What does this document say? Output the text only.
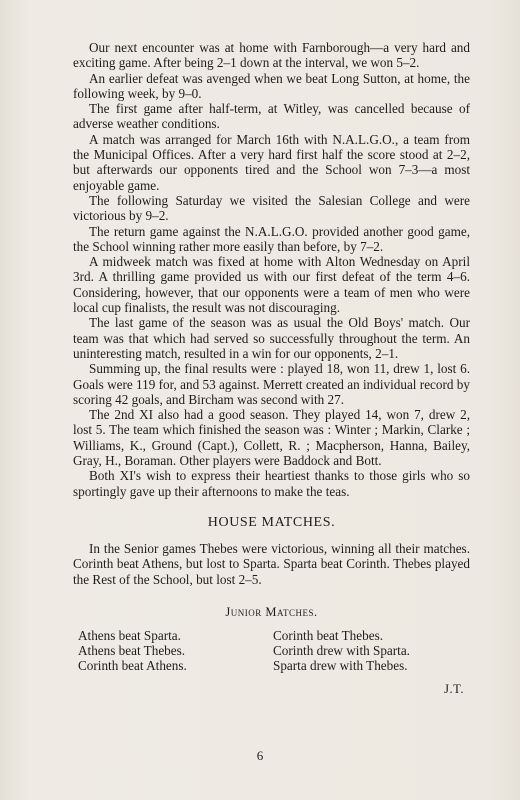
Our next encounter was at home with Farnborough—a very hard and exciting game. After being 2–1 down at the interval, we won 5–2.

An earlier defeat was avenged when we beat Long Sutton, at home, the following week, by 9–0.

The first game after half-term, at Witley, was cancelled because of adverse weather conditions.

A match was arranged for March 16th with N.A.L.G.O., a team from the Municipal Offices. After a very hard first half the score stood at 2–2, but afterwards our opponents tired and the School won 7–3—a most enjoyable game.

The following Saturday we visited the Salesian College and were victorious by 9–2.

The return game against the N.A.L.G.O. provided another good game, the School winning rather more easily than before, by 7–2.

A midweek match was fixed at home with Alton Wednesday on April 3rd. A thrilling game provided us with our first defeat of the term 4–6. Considering, however, that our opponents were a team of men who were local cup finalists, the result was not discouraging.

The last game of the season was as usual the Old Boys' match. Our team was that which had served so successfully throughout the term. An uninteresting match, resulted in a win for our opponents, 2–1.

Summing up, the final results were : played 18, won 11, drew 1, lost 6. Goals were 119 for, and 53 against. Merrett created an individual record by scoring 42 goals, and Bircham was second with 27.

The 2nd XI also had a good season. They played 14, won 7, drew 2, lost 5. The team which finished the season was : Winter ; Markin, Clarke ; Williams, K., Ground (Capt.), Collett, R. ; Macpherson, Hanna, Bailey, Gray, H., Boraman. Other players were Baddock and Bott.

Both XI's wish to express their heartiest thanks to those girls who so sportingly gave up their afternoons to make the teas.

HOUSE MATCHES.

In the Senior games Thebes were victorious, winning all their matches. Corinth beat Athens, but lost to Sparta. Sparta beat Corinth. Thebes played the Rest of the School, but lost 2–5.

Junior Matches.
Athens beat Sparta.	Corinth beat Thebes.
Athens beat Thebes.	Corinth drew with Sparta.
Corinth beat Athens.	Sparta drew with Thebes.
J.T.
6
